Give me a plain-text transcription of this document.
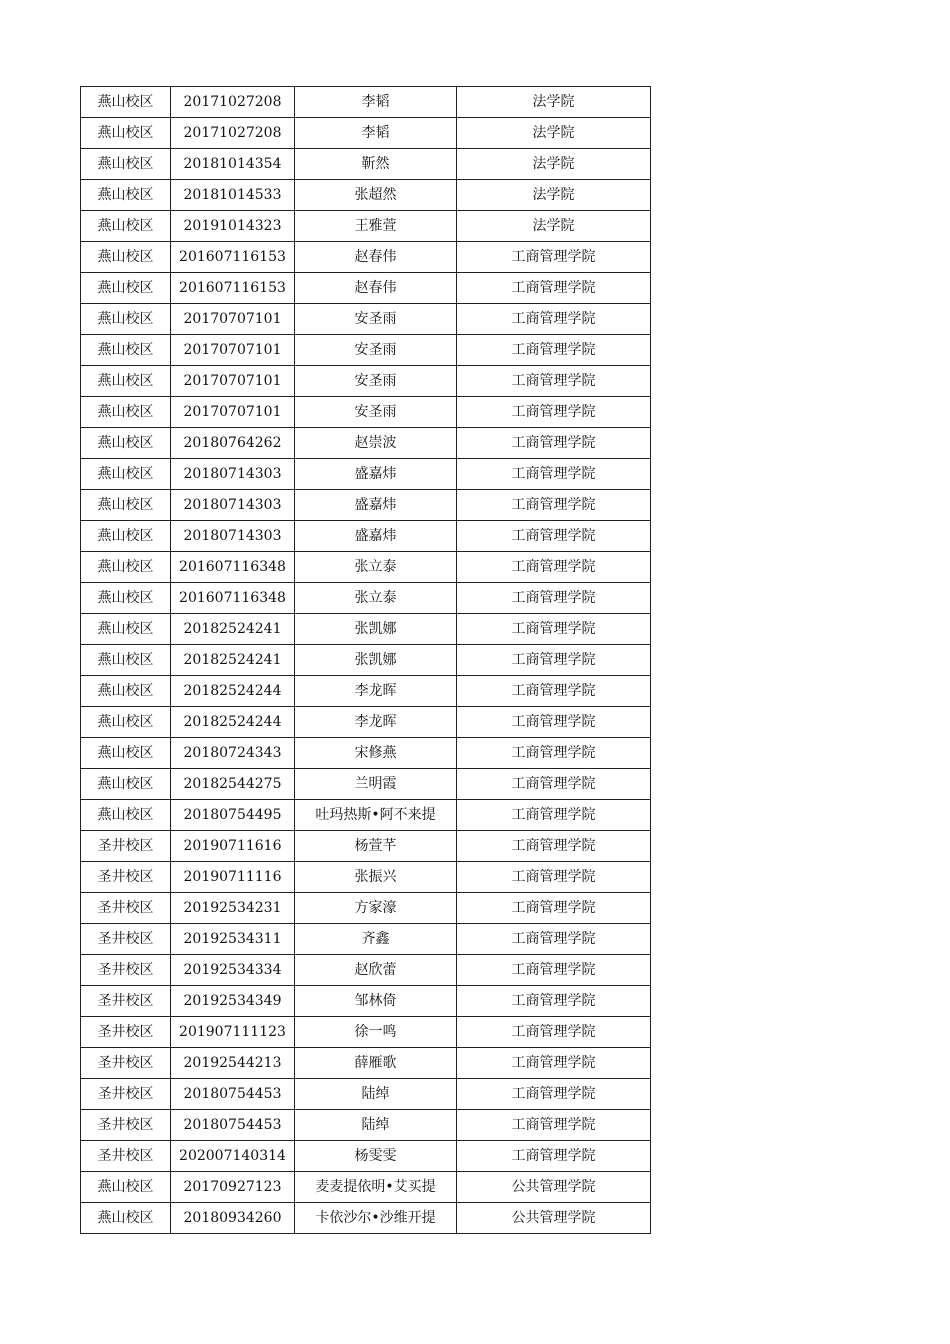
燕山校区	20171027208	李韬	法学院
燕山校区	20171027208	李韬	法学院
燕山校区	20181014354	靳然	法学院
燕山校区	20181014533	张超然	法学院
燕山校区	20191014323	王雅萱	法学院
燕山校区	201607116153	赵春伟	工商管理学院
燕山校区	201607116153	赵春伟	工商管理学院
燕山校区	20170707101	安圣雨	工商管理学院
燕山校区	20170707101	安圣雨	工商管理学院
燕山校区	20170707101	安圣雨	工商管理学院
燕山校区	20170707101	安圣雨	工商管理学院
燕山校区	20180764262	赵崇波	工商管理学院
燕山校区	20180714303	盛嘉炜	工商管理学院
燕山校区	20180714303	盛嘉炜	工商管理学院
燕山校区	20180714303	盛嘉炜	工商管理学院
燕山校区	201607116348	张立泰	工商管理学院
燕山校区	201607116348	张立泰	工商管理学院
燕山校区	20182524241	张凯娜	工商管理学院
燕山校区	20182524241	张凯娜	工商管理学院
燕山校区	20182524244	李龙晖	工商管理学院
燕山校区	20182524244	李龙晖	工商管理学院
燕山校区	20180724343	宋修燕	工商管理学院
燕山校区	20182544275	兰明霞	工商管理学院
燕山校区	20180754495	吐玛热斯•阿不来提	工商管理学院
圣井校区	20190711616	杨萱芊	工商管理学院
圣井校区	20190711116	张振兴	工商管理学院
圣井校区	20192534231	方家濠	工商管理学院
圣井校区	20192534311	齐鑫	工商管理学院
圣井校区	20192534334	赵欣蕾	工商管理学院
圣井校区	20192534349	邹林倚	工商管理学院
圣井校区	201907111123	徐一鸣	工商管理学院
圣井校区	20192544213	薛雁歌	工商管理学院
圣井校区	20180754453	陆绰	工商管理学院
圣井校区	20180754453	陆绰	工商管理学院
圣井校区	202007140314	杨雯雯	工商管理学院
燕山校区	20170927123	麦麦提依明•艾买提	公共管理学院
燕山校区	20180934260	卡依沙尔•沙维开提	公共管理学院
